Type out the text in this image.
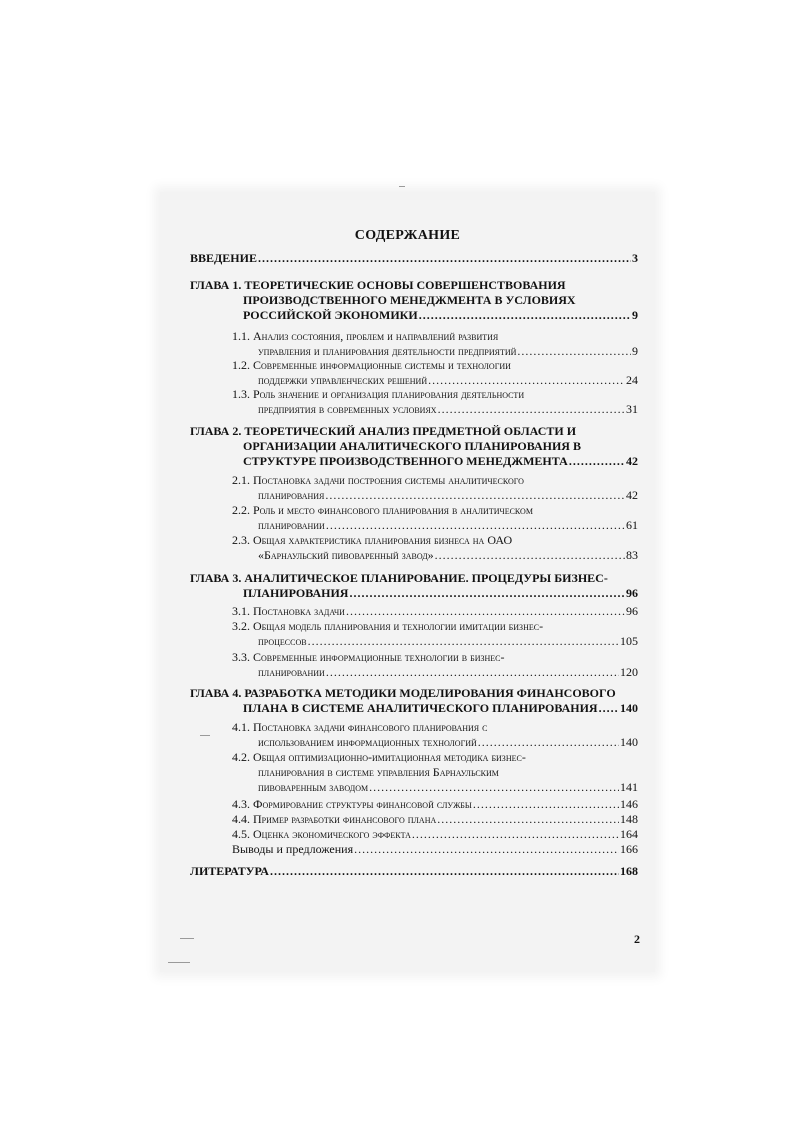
СОДЕРЖАНИЕ
ВВЕДЕНИЕ .....	3
ГЛАВА 1. ТЕОРЕТИЧЕСКИЕ ОСНОВЫ СОВЕРШЕНСТВОВАНИЯ
ПРОИЗВОДСТВЕННОГО МЕНЕДЖМЕНТА В УСЛОВИЯХ
РОССИЙСКОЙ ЭКОНОМИКИ .....	9
1.1. Анализ состояния, проблем и направлений развития
управления и планирования деятельности предприятий .....	9
1.2. Современные информационные системы и технологии
поддержки управленческих решений .....	24
1.3. Роль значение и организация планирования деятельности
предприятия в современных условиях .....	31
ГЛАВА 2. ТЕОРЕТИЧЕСКИЙ АНАЛИЗ ПРЕДМЕТНОЙ ОБЛАСТИ И
ОРГАНИЗАЦИИ АНАЛИТИЧЕСКОГО ПЛАНИРОВАНИЯ В
СТРУКТУРЕ ПРОИЗВОДСТВЕННОГО МЕНЕДЖМЕНТА .....	42
2.1. Постановка задачи построения системы аналитического
планирования .....	42
2.2. Роль и место финансового планирования в аналитическом
планировании .....	61
2.3. Общая характеристика планирования бизнеса на ОАО
«Барнаульский пивоваренный завод» .....	83
ГЛАВА 3. АНАЛИТИЧЕСКОЕ ПЛАНИРОВАНИЕ. ПРОЦЕДУРЫ БИЗНЕС-
ПЛАНИРОВАНИЯ .....	96
3.1. Постановка задачи .....	96
3.2. Общая модель планирования и технологии имитации бизнес-
процессов .....	105
3.3. Современные информационные технологии в бизнес-
планировании .....	120
ГЛАВА 4. РАЗРАБОТКА МЕТОДИКИ МОДЕЛИРОВАНИЯ ФИНАНСОВОГО
ПЛАНА В СИСТЕМЕ АНАЛИТИЧЕСКОГО ПЛАНИРОВАНИЯ ..... 140
4.1. Постановка задачи финансового планирования с
использованием информационных технологий .....	140
4.2. Общая оптимизационно-имитационная методика бизнес-
планирования в системе управления Барнаульским
пивоваренным заводом .....	141
4.3. Формирование структуры финансовой службы .....	146
4.4. Пример разработки финансового плана .....	148
4.5. Оценка экономического эффекта .....	164
Выводы и предложения .....	166
ЛИТЕРАТУРА .....	168
2
